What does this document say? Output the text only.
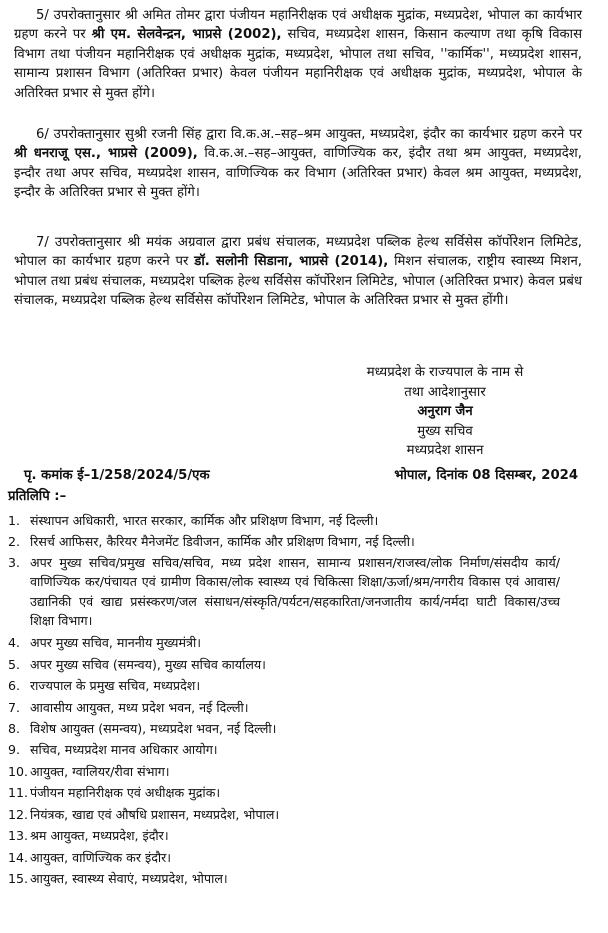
5/ उपरोक्तानुसार श्री अमित तोमर द्वारा पंजीयन महानिरीक्षक एवं अधीक्षक मुद्रांक, मध्यप्रदेश, भोपाल का कार्यभार ग्रहण करने पर श्री एम. सेलवेन्द्रन, भाप्रसे (2002), सचिव, मध्यप्रदेश शासन, किसान कल्याण तथा कृषि विकास विभाग तथा पंजीयन महानिरीक्षक एवं अधीक्षक मुद्रांक, मध्यप्रदेश, भोपाल तथा सचिव, ''कार्मिक'', मध्यप्रदेश शासन, सामान्य प्रशासन विभाग (अतिरिक्त प्रभार) केवल पंजीयन महानिरीक्षक एवं अधीक्षक मुद्रांक, मध्यप्रदेश, भोपाल के अतिरिक्त प्रभार से मुक्त होंगे।
6/ उपरोक्तानुसार सुश्री रजनी सिंह द्वारा वि.क.अ.–सह–श्रम आयुक्त, मध्यप्रदेश, इंदौर का कार्यभार ग्रहण करने पर श्री धनराजू एस., भाप्रसे (2009), वि.क.अ.–सह–आयुक्त, वाणिज्यिक कर, इंदौर तथा श्रम आयुक्त, मध्यप्रदेश, इन्दौर तथा अपर सचिव, मध्यप्रदेश शासन, वाणिज्यिक कर विभाग (अतिरिक्त प्रभार) केवल श्रम आयुक्त, मध्यप्रदेश, इन्दौर के अतिरिक्त प्रभार से मुक्त होंगे।
7/ उपरोक्तानुसार श्री मयंक अग्रवाल द्वारा प्रबंध संचालक, मध्यप्रदेश पब्लिक हेल्थ सर्विसेस कॉर्पोरेशन लिमिटेड, भोपाल का कार्यभार ग्रहण करने पर डॉ. सलोनी सिडाना, भाप्रसे (2014), मिशन संचालक, राष्ट्रीय स्वास्थ्य मिशन, भोपाल तथा प्रबंध संचालक, मध्यप्रदेश पब्लिक हेल्थ सर्विसेस कॉर्पोरेशन लिमिटेड, भोपाल (अतिरिक्त प्रभार) केवल प्रबंध संचालक, मध्यप्रदेश पब्लिक हेल्थ सर्विसेस कॉर्पोरेशन लिमिटेड, भोपाल के अतिरिक्त प्रभार से मुक्त होंगी।
मध्यप्रदेश के राज्यपाल के नाम से
तथा आदेशानुसार
अनुराग जैन
मुख्य सचिव
मध्यप्रदेश शासन
पृ. कमांक ई–1/258/2024/5/एक	भोपाल, दिनांक 08 दिसम्बर, 2024
प्रतिलिपि :–
1. संस्थापन अधिकारी, भारत सरकार, कार्मिक और प्रशिक्षण विभाग, नई दिल्ली।
2. रिसर्च आफिसर, कैरियर मैनेजमेंट डिवीजन, कार्मिक और प्रशिक्षण विभाग, नई दिल्ली।
3. अपर मुख्य सचिव/प्रमुख सचिव/सचिव, मध्य प्रदेश शासन, सामान्य प्रशासन/राजस्व/लोक निर्माण/संसदीय कार्य/वाणिज्यिक कर/पंचायत एवं ग्रामीण विकास/लोक स्वास्थ्य एवं चिकित्सा शिक्षा/ऊर्जा/श्रम/नगरीय विकास एवं आवास/उद्यानिकी एवं खाद्य प्रसंस्करण/जल संसाधन/संस्कृति/पर्यटन/सहकारिता/जनजातीय कार्य/नर्मदा घाटी विकास/उच्च शिक्षा विभाग।
4. अपर मुख्य सचिव, माननीय मुख्यमंत्री।
5. अपर मुख्य सचिव (समन्वय), मुख्य सचिव कार्यालय।
6. राज्यपाल के प्रमुख सचिव, मध्यप्रदेश।
7. आवासीय आयुक्त, मध्य प्रदेश भवन, नई दिल्ली।
8. विशेष आयुक्त (समन्वय), मध्यप्रदेश भवन, नई दिल्ली।
9. सचिव, मध्यप्रदेश मानव अधिकार आयोग।
10. आयुक्त, ग्वालियर/रीवा संभाग।
11. पंजीयन महानिरीक्षक एवं अधीक्षक मुद्रांक।
12. नियंत्रक, खाद्य एवं औषधि प्रशासन, मध्यप्रदेश, भोपाल।
13. श्रम आयुक्त, मध्यप्रदेश, इंदौर।
14. आयुक्त, वाणिज्यिक कर इंदौर।
15. आयुक्त, स्वास्थ्य सेवाएं, मध्यप्रदेश, भोपाल।
